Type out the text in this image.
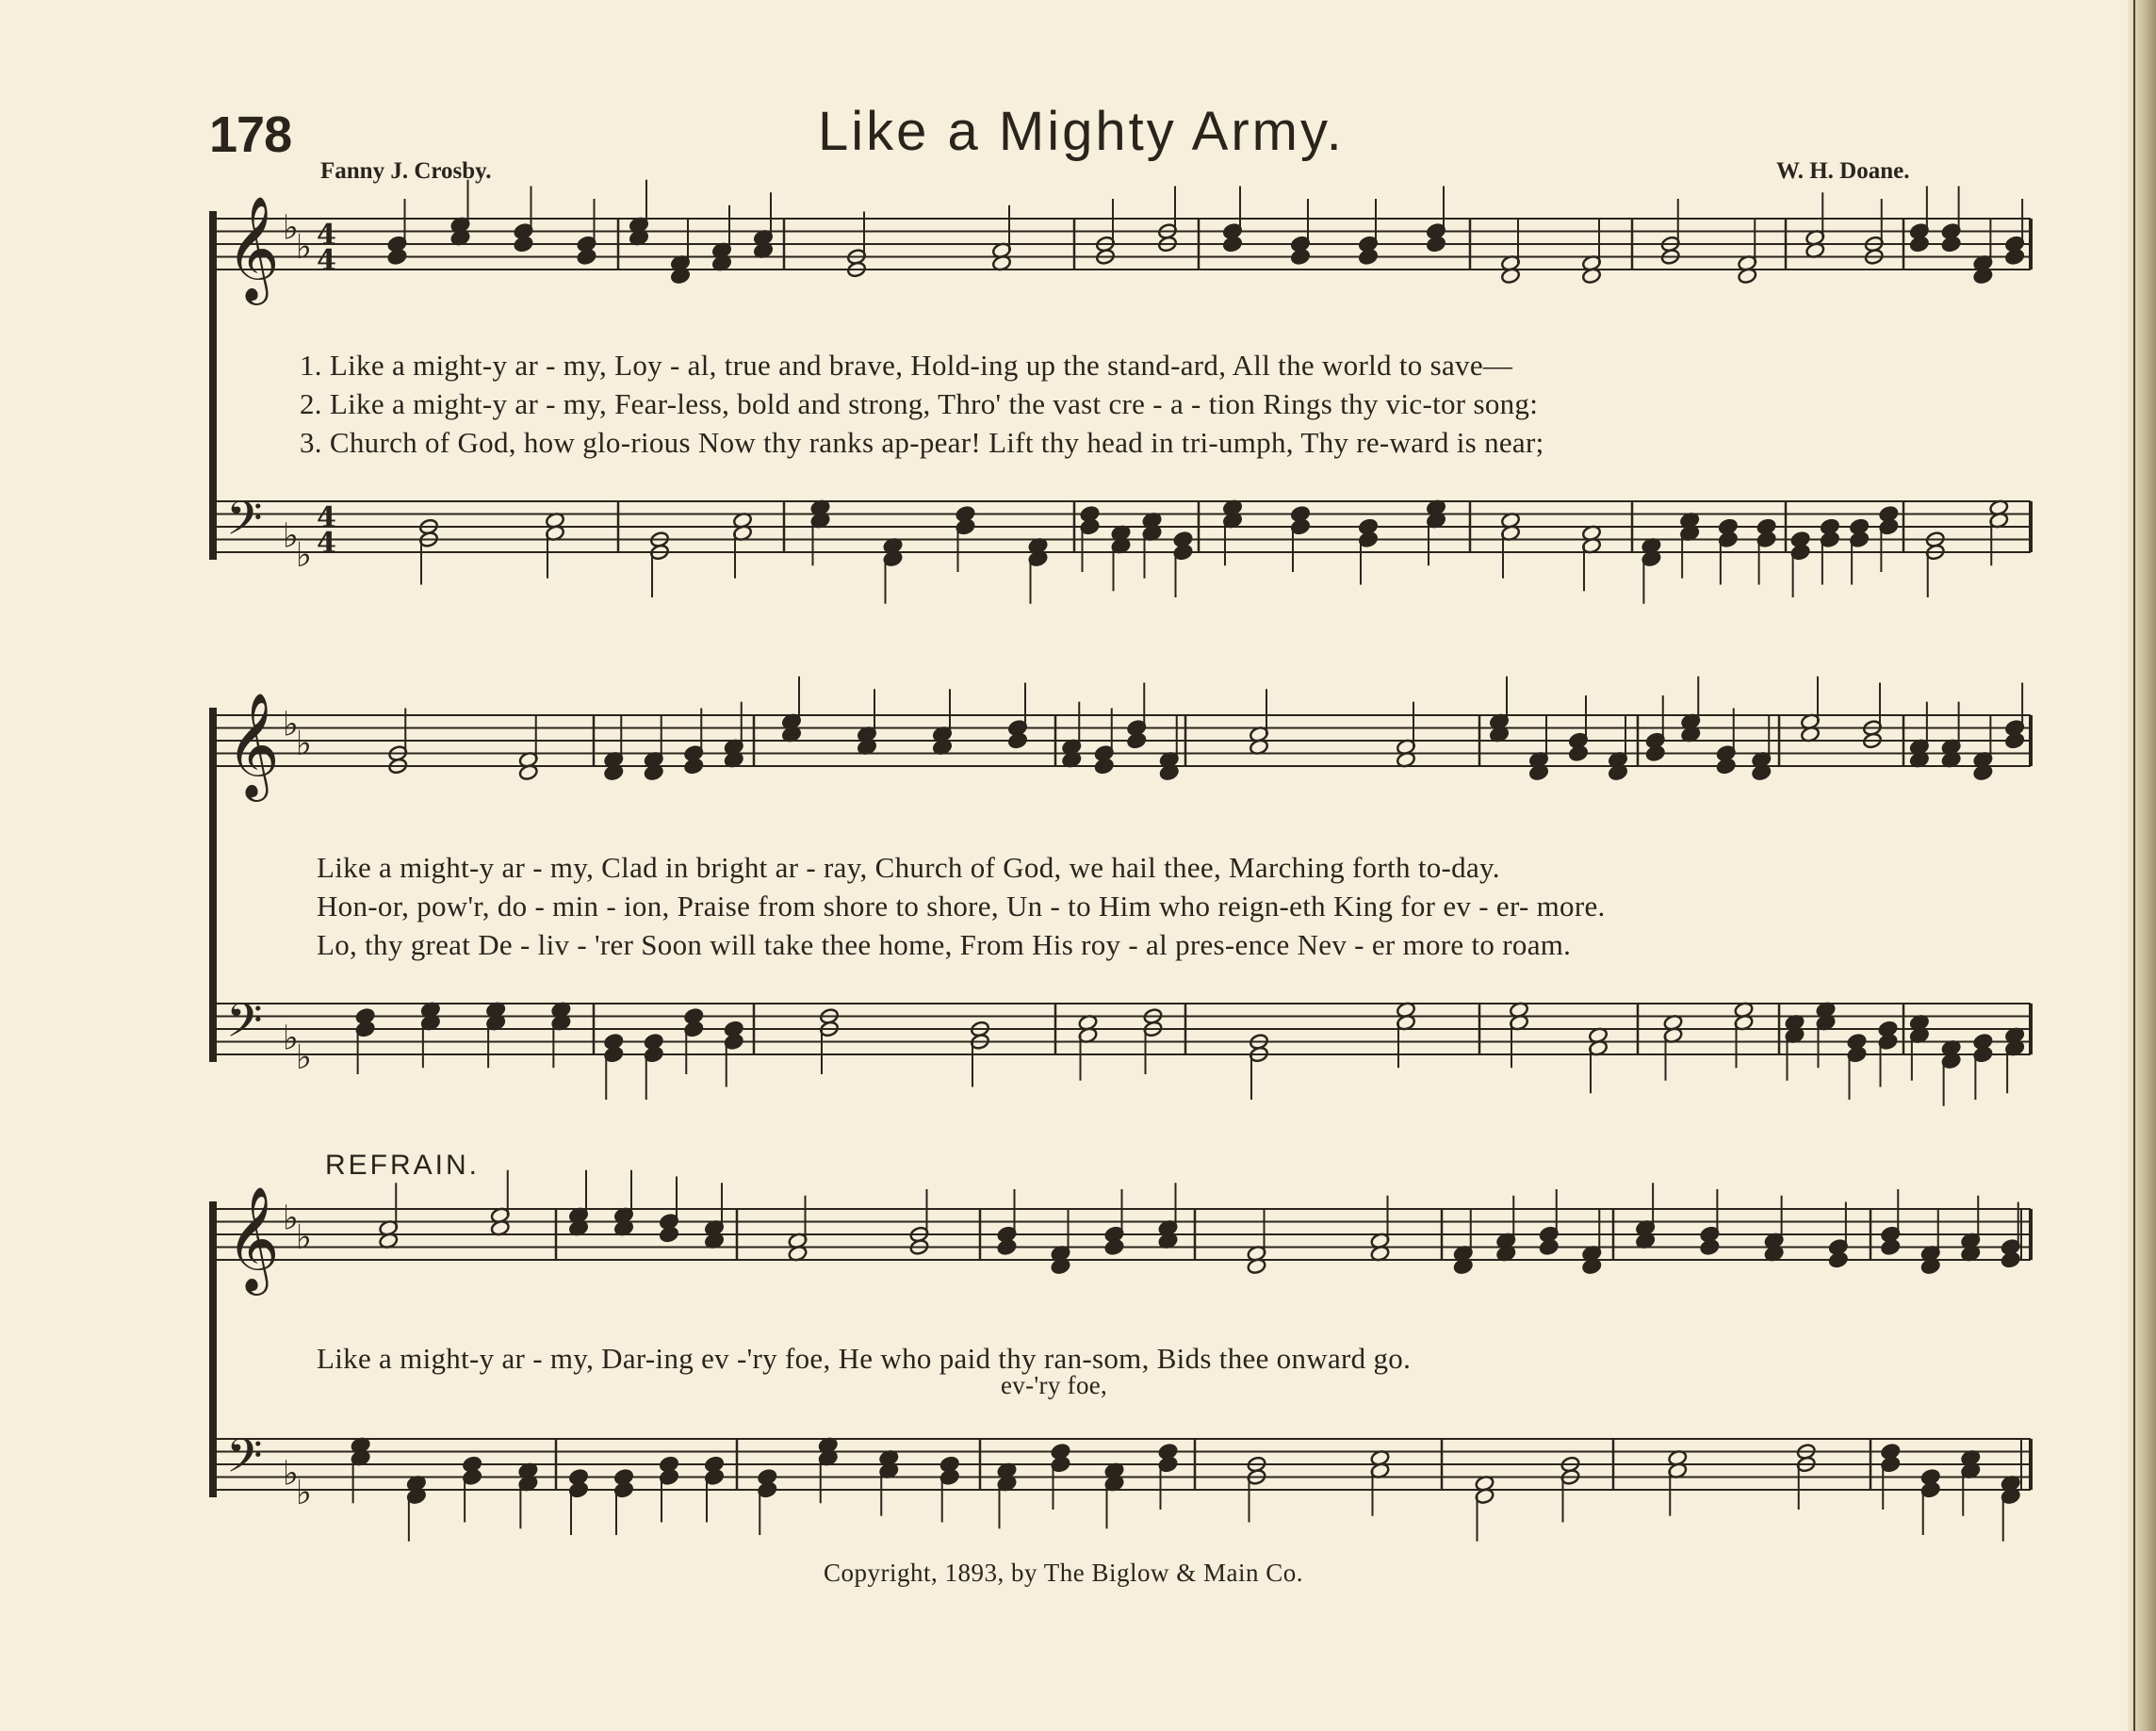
𝄞 ♭
♭ 4
4
𝄢 ♭
♭
4
4
𝄞 ♭
♭
𝄢 ♭
♭
𝄞 ♭
♭
𝄢 ♭
♭
178	Like a Mighty Army.
Fanny J. Crosby.	W. H. Doane.
1. Like a might-y ar - my, Loy - al, true and brave, Hold-ing up the stand-ard, All the world to save—
2. Like a might-y ar - my, Fear-less, bold and strong, Thro' the vast cre - a - tion Rings thy vic-tor song:
3. Church of God, how glo-rious Now thy ranks ap-pear! Lift thy head in tri-umph, Thy re-ward is near;
Like a might-y ar - my, Clad in bright ar - ray, Church of God, we hail thee, Marching forth to-day.
Hon-or, pow'r, do - min - ion, Praise from shore to shore, Un - to Him who reign-eth King for ev - er- more.
Lo, thy great De - liv - 'rer Soon will take thee home, From His roy - al pres-ence Nev - er more to roam.
REFRAIN.
Like a might-y ar - my, Dar-ing ev -'ry foe, He who paid thy ran-som, Bids thee onward go.
ev-'ry foe,
Copyright, 1893, by The Biglow & Main Co.
